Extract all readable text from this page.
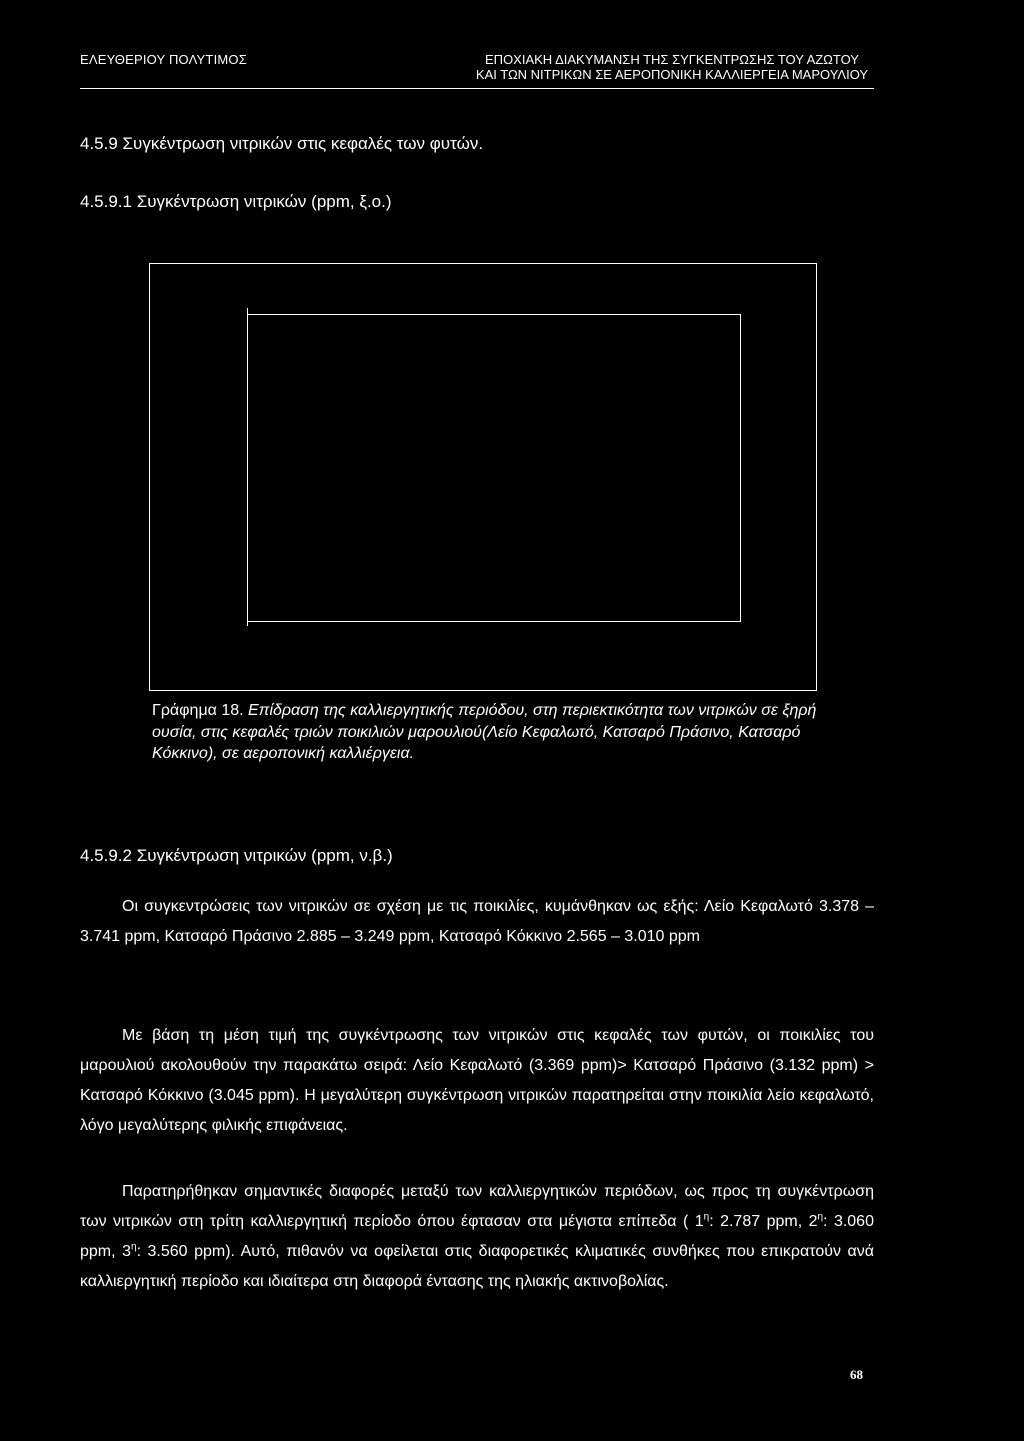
ΕΛΕΥΘΕΡΙΟΥ ΠΟΛΥΤΙΜΟΣ	ΕΠΟΧΙΑΚΗ ΔΙΑΚΥΜΑΝΣΗ ΤΗΣ ΣΥΓΚΕΝΤΡΩΣΗΣ ΤΟΥ ΑΖΩΤΟΥ
ΚΑΙ ΤΩΝ ΝΙΤΡΙΚΩΝ ΣΕ ΑΕΡΟΠΟΝΙΚΗ ΚΑΛΛΙΕΡΓΕΙΑ ΜΑΡΟΥΛΙΟΥ
4.5.9 Συγκέντρωση νιτρικών στις κεφαλές των φυτών.
4.5.9.1 Συγκέντρωση νιτρικών (ppm, ξ.ο.)
Γράφημα 18. Επίδραση της καλλιεργητικής περιόδου, στη περιεκτικότητα των νιτρικών σε ξηρή ουσία, στις κεφαλές τριών ποικιλιών μαρουλιού(Λείο Κεφαλωτό, Κατσαρό Πράσινο, Κατσαρό Κόκκινο), σε αεροπονική καλλιέργεια.
4.5.9.2 Συγκέντρωση νιτρικών (ppm, ν.β.)
Οι συγκεντρώσεις των νιτρικών σε σχέση με τις ποικιλίες, κυμάνθηκαν ως εξής: Λείο Κεφαλωτό 3.378 – 3.741 ppm, Κατσαρό Πράσινο 2.885 – 3.249 ppm, Κατσαρό Κόκκινο 2.565 – 3.010 ppm
Με βάση τη μέση τιμή της συγκέντρωσης των νιτρικών στις κεφαλές των φυτών, οι ποικιλίες του μαρουλιού ακολουθούν την παρακάτω σειρά: Λείο Κεφαλωτό (3.369 ppm)> Κατσαρό Πράσινο (3.132 ppm) > Κατσαρό Κόκκινο (3.045 ppm). Η μεγαλύτερη συγκέντρωση νιτρικών παρατηρείται στην ποικιλία λείο κεφαλωτό, λόγο μεγαλύτερης φιλικής επιφάνειας.
Παρατηρήθηκαν σημαντικές διαφορές μεταξύ των καλλιεργητικών περιόδων, ως προς τη συγκέντρωση των νιτρικών στη τρίτη καλλιεργητική περίοδο όπου έφτασαν στα μέγιστα επίπεδα ( $1^\eta$: 2.787 ppm, $2^\eta$: 3.060 ppm, $3^\eta$: 3.560 ppm). Αυτό, πιθανόν να οφείλεται στις διαφορετικές κλιματικές συνθήκες που επικρατούν ανά καλλιεργητική περίοδο και ιδιαίτερα στη διαφορά έντασης της ηλιακής ακτινοβολίας.
68
